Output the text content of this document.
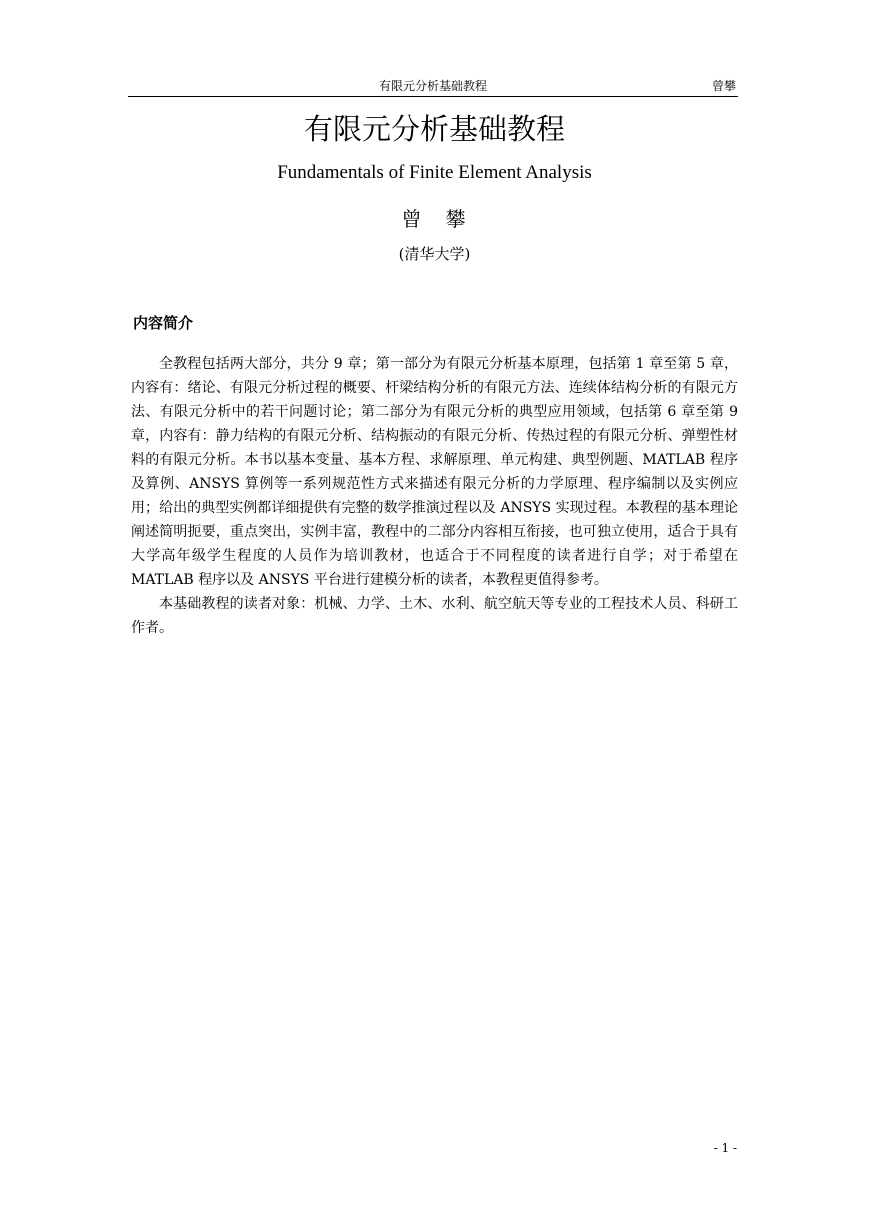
有限元分析基础教程	曾攀
有限元分析基础教程
Fundamentals of Finite Element Analysis
曾　攀
(清华大学)
内容简介

全教程包括两大部分，共分 9 章；第一部分为有限元分析基本原理，包括第 1 章至第 5 章，内容有：绪论、有限元分析过程的概要、杆梁结构分析的有限元方法、连续体结构分析的有限元方法、有限元分析中的若干问题讨论；第二部分为有限元分析的典型应用领域，包括第 6 章至第 9 章，内容有：静力结构的有限元分析、结构振动的有限元分析、传热过程的有限元分析、弹塑性材料的有限元分析。本书以基本变量、基本方程、求解原理、单元构建、典型例题、MATLAB 程序及算例、ANSYS 算例等一系列规范性方式来描述有限元分析的力学原理、程序编制以及实例应用；给出的典型实例都详细提供有完整的数学推演过程以及 ANSYS 实现过程。本教程的基本理论阐述简明扼要，重点突出，实例丰富，教程中的二部分内容相互衔接，也可独立使用，适合于具有大学高年级学生程度的人员作为培训教材，也适合于不同程度的读者进行自学；对于希望在 MATLAB 程序以及 ANSYS 平台进行建模分析的读者，本教程更值得参考。

本基础教程的读者对象：机械、力学、土木、水利、航空航天等专业的工程技术人员、科研工作者。

- 1 -
